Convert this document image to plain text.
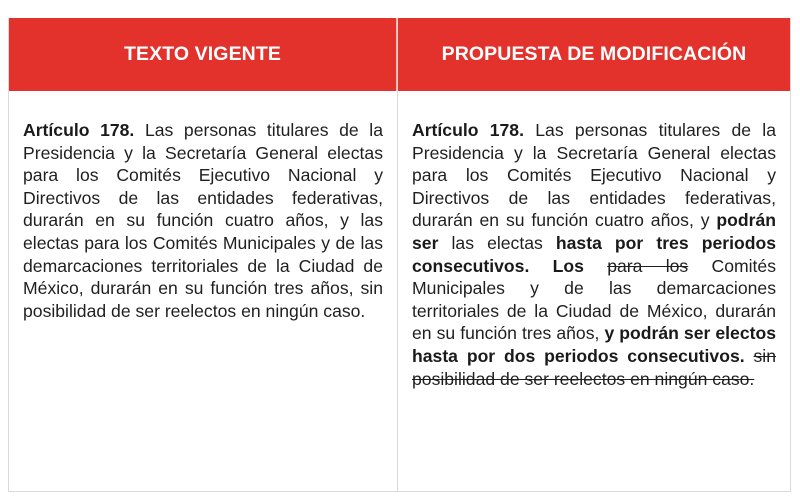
TEXTO VIGENTE
Artículo 178. Las personas titulares de la Presidencia y la Secretaría General electas para los Comités Ejecutivo Nacional y Directivos de las entidades federativas, durarán en su función cuatro años, y las electas para los Comités Municipales y de las demarcaciones territoriales de la Ciudad de México, durarán en su función tres años, sin posibilidad de ser reelectos en ningún caso.
PROPUESTA DE MODIFICACIÓN
Artículo 178. Las personas titulares de la Presidencia y la Secretaría General electas para los Comités Ejecutivo Nacional y Directivos de las entidades federativas, durarán en su función cuatro años, y podrán ser las electas hasta por tres periodos consecutivos. Los para los Comités Municipales y de las demarcaciones territoriales de la Ciudad de México, durarán en su función tres años, y podrán ser electos hasta por dos periodos consecutivos. sin posibilidad de ser reelectos en ningún caso.
